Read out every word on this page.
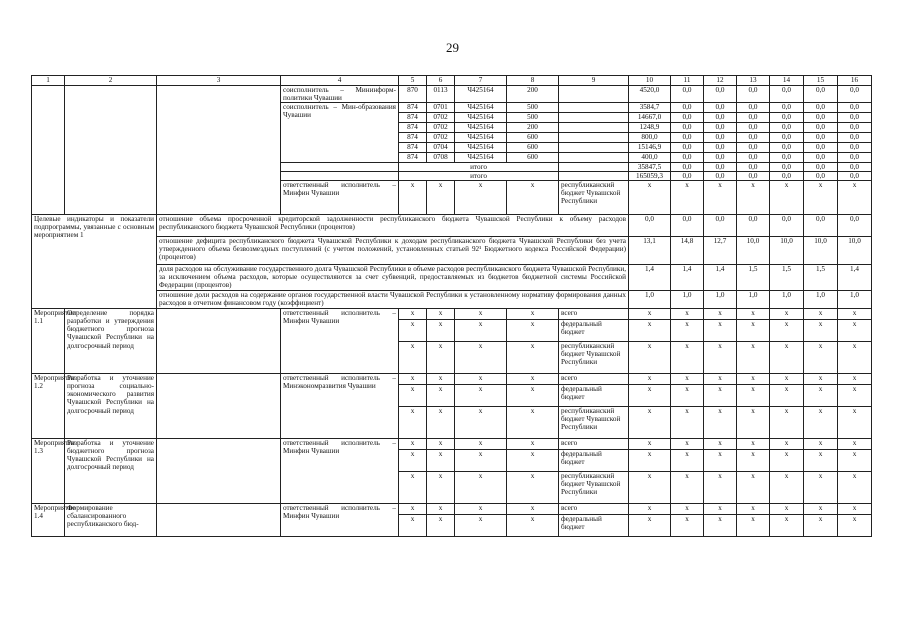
29
1	2	3	4	5	6	7	8	9	10	11	12	13	14	15	16
			соисполнитель – Мининформ-политики Чувашии	870	0113	Ч425164	200		4520,0	0,0	0,0	0,0	0,0	0,0	0,0
			соисполнитель – Мин-образования Чувашии	874	0701	Ч425164	500		3584,7	0,0	0,0	0,0	0,0	0,0	0,0
				874	0702	Ч425164	500		14667,0	0,0	0,0	0,0	0,0	0,0	0,0
				874	0702	Ч425164	200		1248,9	0,0	0,0	0,0	0,0	0,0	0,0
				874	0702	Ч425164	600		800,0	0,0	0,0	0,0	0,0	0,0	0,0
				874	0704	Ч425164	600		15146,9	0,0	0,0	0,0	0,0	0,0	0,0
				874	0708	Ч425164	600		400,0	0,0	0,0	0,0	0,0	0,0	0,0
				итого					35847,5	0,0	0,0	0,0	0,0	0,0	0,0
				итого					165059,3	0,0	0,0	0,0	0,0	0,0	0,0
			ответственный исполнитель – Минфин Чувашии	x	x	x	x	республиканский бюджет Чувашской Республики	x	x	x	x	x	x	x
Целевые индикаторы и показатели подпрограммы, увязанные с основным мероприятием 1		отношение объема просроченной кредиторской задолженности республиканского бюджета Чувашской Республики к объему расходов республиканского бюджета Чувашской Республики (процентов)							0,0	0,0	0,0	0,0	0,0	0,0	0,0
		отношение дефицита республиканского бюджета Чувашской Республики к доходам республиканского бюджета Чувашской Республики без учета утвержденного объема безвозмездных поступлений (с учетом положений, установленных статьей 92¹ Бюджетного кодекса Российской Федерации) (процентов)							13,1	14,8	12,7	10,0	10,0	10,0	10,0
		доля расходов на обслуживание государственного долга Чувашской Республики в объеме расходов республиканского бюджета Чувашской Республики, за исключением объема расходов, которые осуществляются за счет субвенций, предоставляемых из бюджетов бюджетной системы Российской Федерации (процентов)							1,4	1,4	1,4	1,5	1,5	1,5	1,4
		отношение доли расходов на содержание органов государственной власти Чувашской Республики к установленному нормативу формирования данных расходов в отчетном финансовом году (коэффициент)							1,0	1,0	1,0	1,0	1,0	1,0	1,0
Мероприятие 1.1	Определение порядка разработки и утверждения бюджетного прогноза Чувашской Республики на долгосрочный период		ответственный исполнитель – Минфин Чувашии	x	x	x	x	всего	x	x	x	x	x	x	x
				x	x	x	x	федеральный бюджет	x	x	x	x	x	x	x
				x	x	x	x	республиканский бюджет Чувашской Республики	x	x	x	x	x	x	x
Мероприятие 1.2	Разработка и уточнение прогноза социально-экономического развития Чувашской Республики на долгосрочный период		ответственный исполнитель – Минэкономразвития Чувашии	x	x	x	x	всего	x	x	x	x	x	x	x
				x	x	x	x	федеральный бюджет	x	x	x	x	x	x	x
				x	x	x	x	республиканский бюджет Чувашской Республики	x	x	x	x	x	x	x
Мероприятие 1.3	Разработка и уточнение бюджетного прогноза Чувашской Республики на долгосрочный период		ответственный исполнитель – Минфин Чувашии	x	x	x	x	всего	x	x	x	x	x	x	x
				x	x	x	x	федеральный бюджет	x	x	x	x	x	x	x
				x	x	x	x	республиканский бюджет Чувашской Республики	x	x	x	x	x	x	x
Мероприятие 1.4	Формирование сбалансированного республиканского бюд-		ответственный исполнитель – Минфин Чувашии	x	x	x	x	всего	x	x	x	x	x	x	x
				x	x	x	x	федеральный бюджет	x	x	x	x	x	x	x
